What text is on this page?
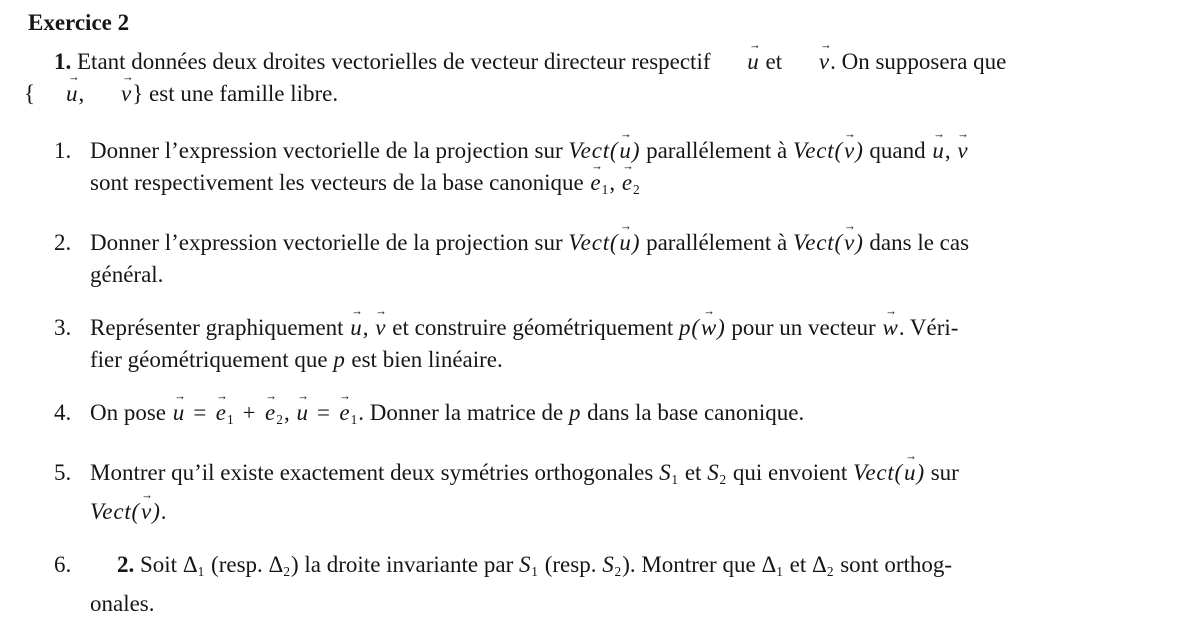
Exercice 2

1. Etant données deux droites vectorielles de vecteur directeur respectif u → et v →. On supposera que
{ u →, v →} est une famille libre.

1. Donner l’expression vectorielle de la projection sur Vect(u →) parallélement à Vect(v →) quand u →, v →
sont respectivement les vecteurs de la base canonique e →1, e →2
2. Donner l’expression vectorielle de la projection sur Vect(u →) parallélement à Vect(v →) dans le cas
général.
3. Représenter graphiquement u →, v → et construire géométriquement p(w →) pour un vecteur w →. Véri-
fier géométriquement que p est bien linéaire.
4. On pose u → = e →1 + e →2, u → = e →1. Donner la matrice de p dans la base canonique.
5. Montrer qu’il existe exactement deux symétries orthogonales S1 et S2 qui envoient Vect(u →) sur
Vect(v →).
6. 2. Soit Δ1 (resp. Δ2) la droite invariante par S1 (resp. S2). Montrer que Δ1 et Δ2 sont orthog-
onales.
